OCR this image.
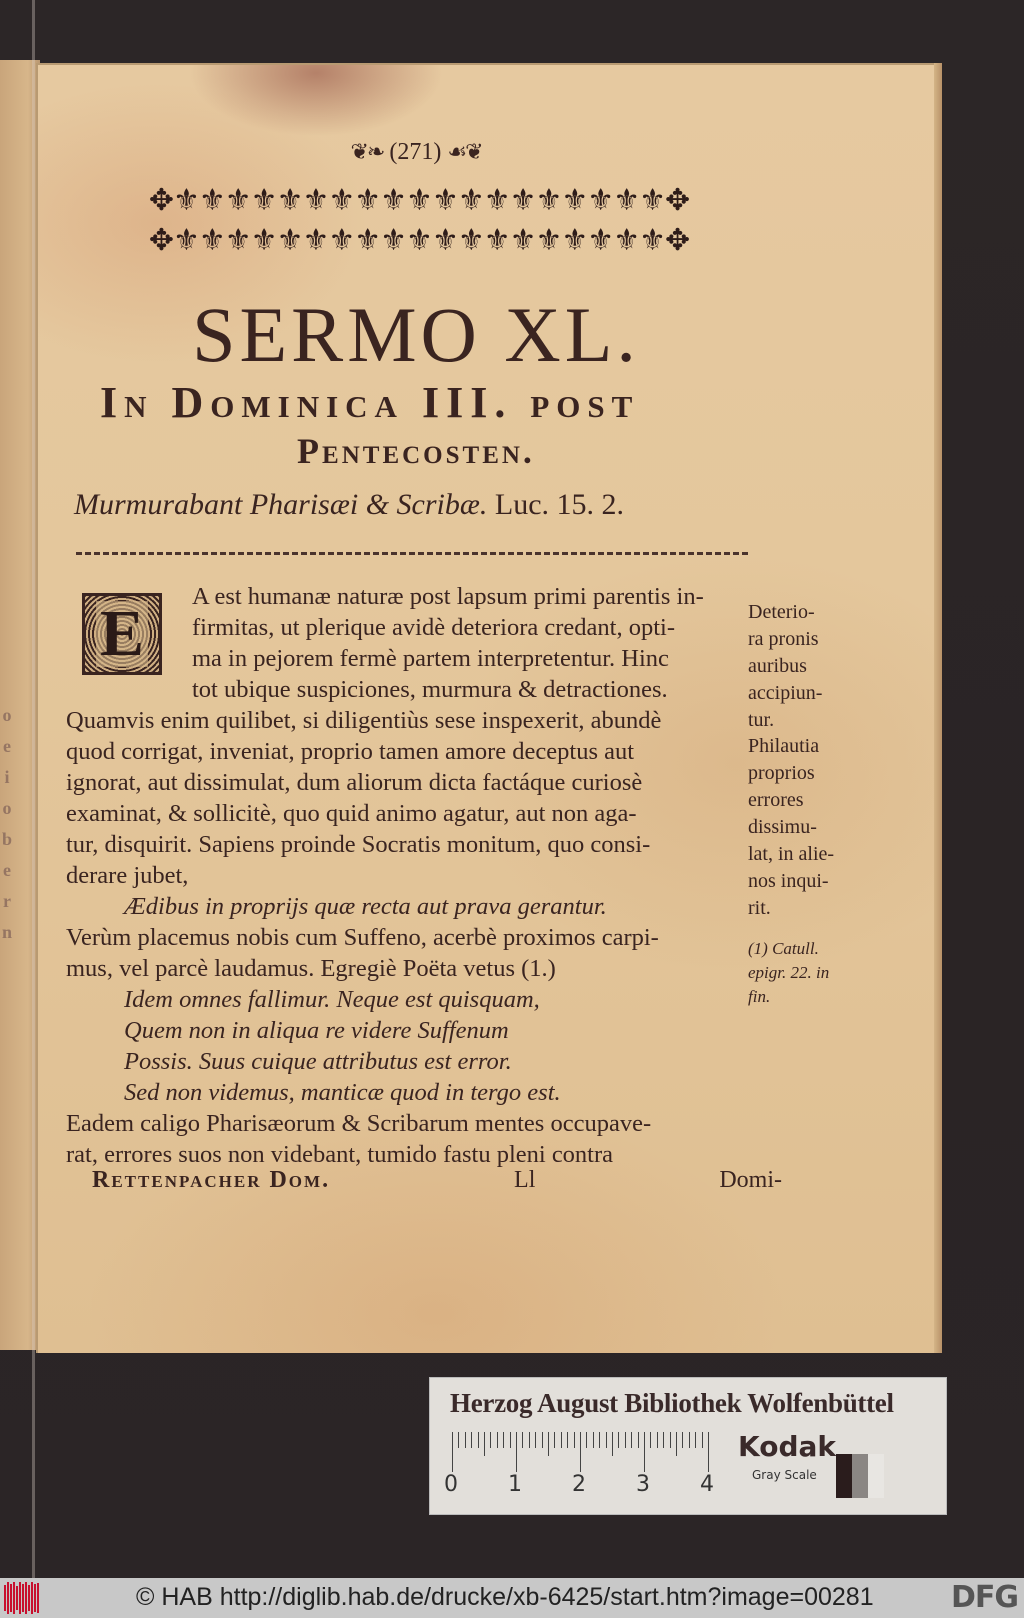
❦❧ (271) ☙❦
✥⚜⚜⚜⚜⚜⚜⚜⚜⚜⚜⚜⚜⚜⚜⚜⚜⚜⚜⚜✥
✥⚜⚜⚜⚜⚜⚜⚜⚜⚜⚜⚜⚜⚜⚜⚜⚜⚜⚜⚜✥
SERMO XL.
In Dominica III. post
Pentecosten.
Murmurabant Pharisæi & Scribæ. Luc. 15. 2.
E
A est humanæ naturæ post lapsum primi parentis in-
firmitas, ut plerique avidè deteriora credant, opti-
ma in pejorem fermè partem interpretentur. Hinc
tot ubique suspiciones, murmura & detractiones.
Quamvis enim quilibet, si diligentiùs sese inspexerit, abundè
quod corrigat, inveniat, proprio tamen amore deceptus aut
ignorat, aut dissimulat, dum aliorum dicta factáque curiosè
examinat, & sollicitè, quo quid animo agatur, aut non aga-
tur, disquirit. Sapiens proinde Socratis monitum, quo consi-
derare jubet,
Ædibus in proprijs quæ recta aut prava gerantur.
Verùm placemus nobis cum Suffeno, acerbè proximos carpi-
mus, vel parcè laudamus. Egregiè Poëta vetus (1.)
Idem omnes fallimur. Neque est quisquam,
Quem non in aliqua re videre Suffenum
Possis. Suus cuique attributus est error.
Sed non videmus, manticæ quod in tergo est.
Eadem caligo Pharisæorum & Scribarum mentes occupave-
rat, errores suos non videbant, tumido fastu pleni contra
Deterio-
ra pronis
auribus
accipiun-
tur.
Philautia
proprios
errores
dissimu-
lat, in alie-
nos inqui-
rit.
(1) Catull.
epigr. 22. in
fin.
Rettenpacher Dom.	Ll	Domi-
Herzog August Bibliothek Wolfenbüttel
0 1 2 3 4
Kodak
Gray Scale
© HAB http://diglib.hab.de/drucke/xb-6425/start.htm?image=00281	DFG
o
e
i
o
b
e
r
n
